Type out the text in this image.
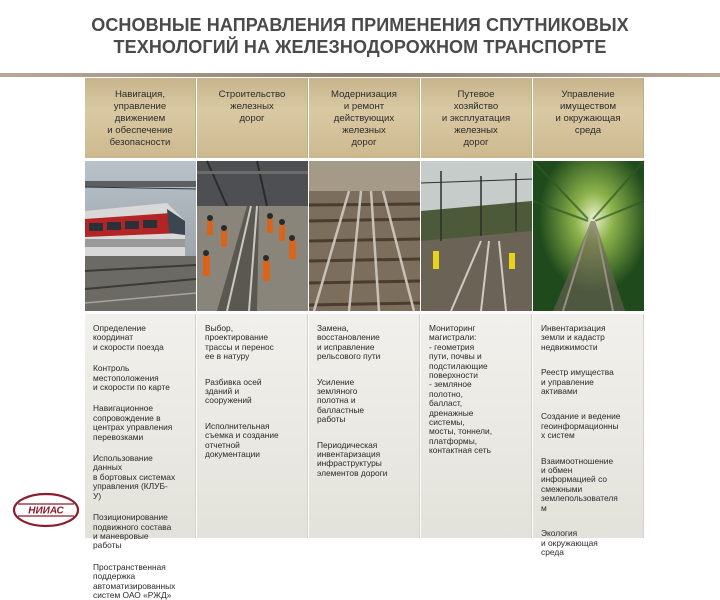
ОСНОВНЫЕ НАПРАВЛЕНИЯ ПРИМЕНЕНИЯ СПУТНИКОВЫХ
ТЕХНОЛОГИЙ НА ЖЕЛЕЗНОДОРОЖНОМ ТРАНСПОРТЕ
Навигация,
управление
движением
и обеспечение
безопасности
Определение
координат
и скорости поезда
Контроль
местоположения
и скорости по карте
Навигационное
сопровождение в
центрах управления
перевозками
Использование
данных
в бортовых системах
управления (КЛУБ-
У)
Позиционирование
подвижного состава
и маневровые
работы
Пространственная
поддержка
автоматизированных
систем ОАО «РЖД»
Строительство
железных
дорог
Выбор,
проектирование
трассы и перенос
ее в натуру
Разбивка осей
зданий и
сооружений
Исполнительная
съемка и создание
отчетной
документации
Модернизация
и ремонт
действующих
железных
дорог
Замена,
восстановление
и исправление
рельсового пути
Усиление
земляного
полотна и
балластные
работы
Периодическая
инвентаризация
инфраструктуры
элементов дороги
Путевое
хозяйство
и эксплуатация
железных
дорог
Мониторинг
магистрали:
- геометрия
пути, почвы и
подстилающие
поверхности
- земляное
полотно,
балласт,
дренажные
системы,
мосты, тоннели,
платформы,
контактная сеть
Управление
имуществом
и окружающая
среда
Инвентаризация
земли и кадастр
недвижимости
Реестр имущества
и управление
активами
Создание и ведение
геоинформационны
х систем
Взаимоотношение
и обмен
информацией со
смежными
землепользователя
м
Экология
и окружающая
среда
НИИАС
